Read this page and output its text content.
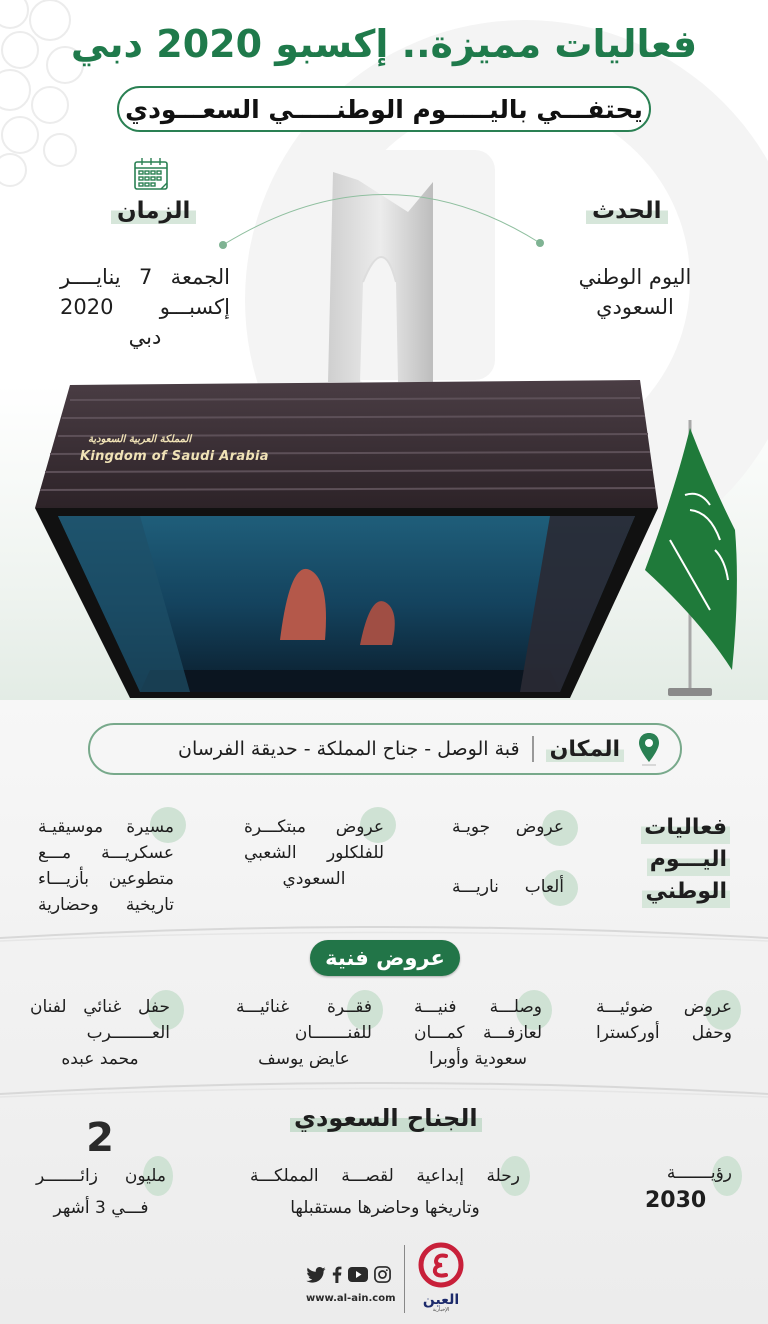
فعاليات مميزة.. إكسبو 2020 دبي
يحتفـــي باليـــــوم الوطنـــــي السعـــودي
الزمان
الجمعة 7 ينايــــر
إكسبـــو 2020
دبي
الحدث
اليوم الوطني
السعودي
المملكة العربية السعودية
Kingdom of Saudi Arabia
المكان
قبة الوصل - جناح المملكة - حديقة الفرسان
فعاليات
اليـــوم
الوطني
عروض جويـة
ألعاب ناريـــة
عروض مبتكـــرة
للفلكلور الشعبي
السعودي
مسيرة موسيقيـة
عسكريـــة مـــع
متطوعين بأزيـــاء
تاريخية وحضارية
عروض فنية
عروض ضوئيـــة
وحفل أوركسترا
وصلـــة فنيـــة
لعازفـــة كمـــان
سعودية وأوبرا
فقــرة غنائيـــة
للفنـــــــان
عايض يوسف
حفل غنائي لفنان
العــــــــرب
محمد عبده
الجناح السعودي
رؤيـــــــة
2030
رحلة إبداعية لقصـــة المملكـــة
وتاريخها وحاضرها مستقبلها
2
مليون زائـــــــر
فـــي 3 أشهر
www.al-ain.com	العين
الإخبارية
